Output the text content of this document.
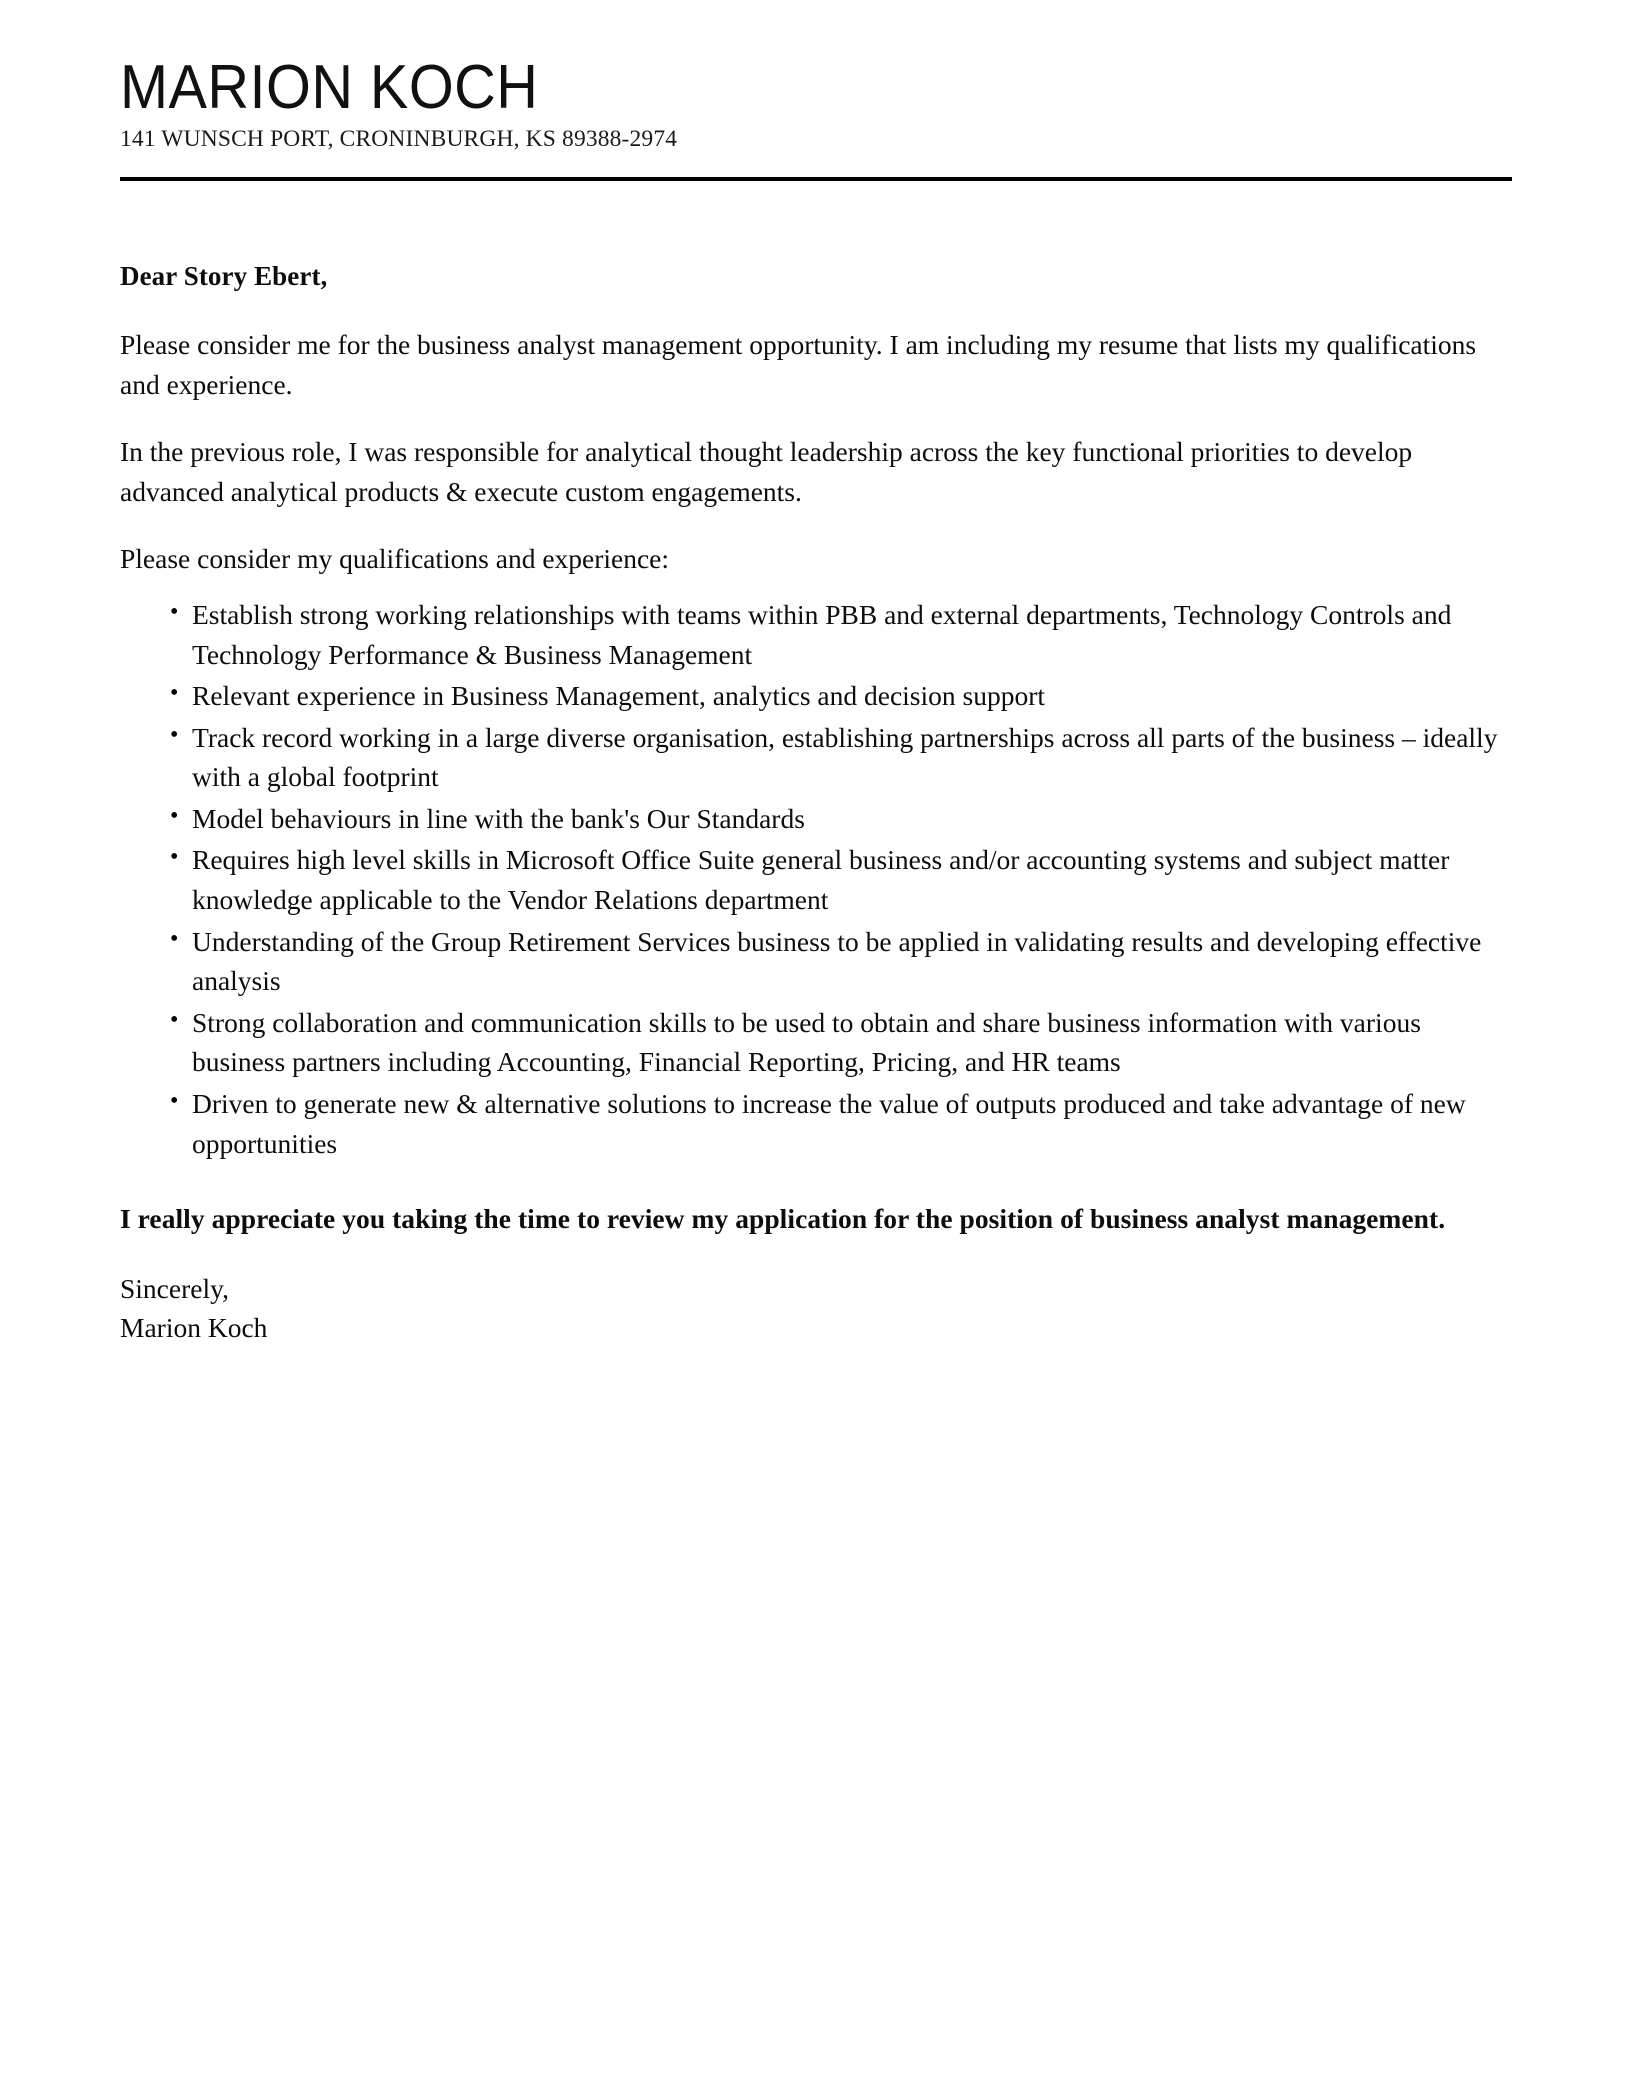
MARION KOCH
141 WUNSCH PORT, CRONINBURGH, KS 89388-2974
Dear Story Ebert,

Please consider me for the business analyst management opportunity. I am including my resume that lists my qualifications and experience.

In the previous role, I was responsible for analytical thought leadership across the key functional priorities to develop advanced analytical products & execute custom engagements.

Please consider my qualifications and experience:

• Establish strong working relationships with teams within PBB and external departments, Technology Controls and Technology Performance & Business Management
• Relevant experience in Business Management, analytics and decision support
• Track record working in a large diverse organisation, establishing partnerships across all parts of the business – ideally with a global footprint
• Model behaviours in line with the bank's Our Standards
• Requires high level skills in Microsoft Office Suite general business and/or accounting systems and subject matter knowledge applicable to the Vendor Relations department
• Understanding of the Group Retirement Services business to be applied in validating results and developing effective analysis
• Strong collaboration and communication skills to be used to obtain and share business information with various business partners including Accounting, Financial Reporting, Pricing, and HR teams
• Driven to generate new & alternative solutions to increase the value of outputs produced and take advantage of new opportunities

I really appreciate you taking the time to review my application for the position of business analyst management.

Sincerely,
Marion Koch
